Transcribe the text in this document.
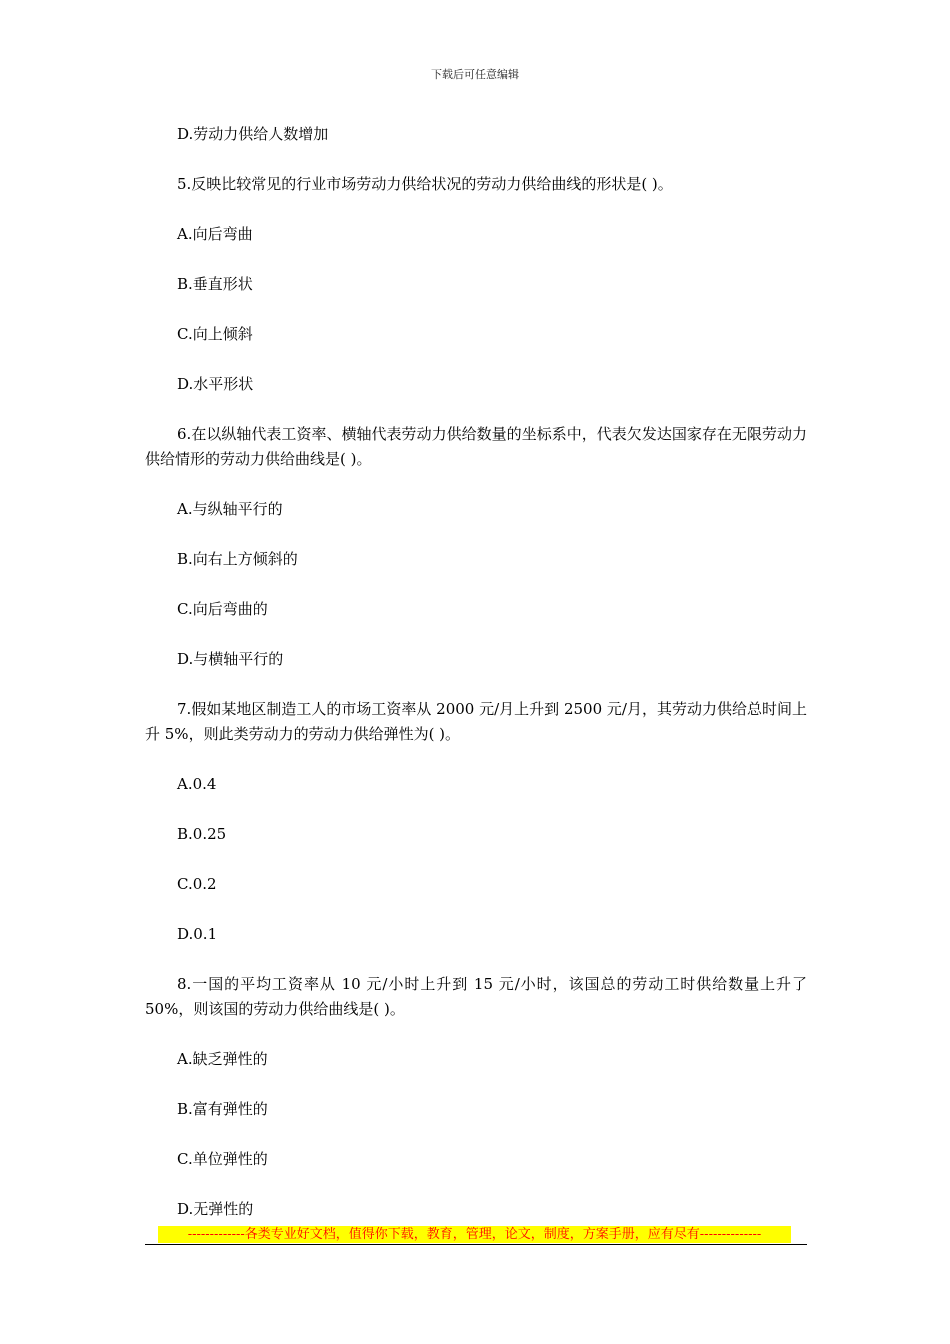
下载后可任意编辑
D.劳动力供给人数增加
5.反映比较常见的行业市场劳动力供给状况的劳动力供给曲线的形状是( )。
A.向后弯曲
B.垂直形状
C.向上倾斜
D.水平形状
6.在以纵轴代表工资率、横轴代表劳动力供给数量的坐标系中，代表欠发达国家存在无限劳动力供给情形的劳动力供给曲线是( )。
A.与纵轴平行的
B.向右上方倾斜的
C.向后弯曲的
D.与横轴平行的
7.假如某地区制造工人的市场工资率从 2000 元/月上升到 2500 元/月，其劳动力供给总时间上升 5%，则此类劳动力的劳动力供给弹性为( )。
A.0.4
B.0.25
C.0.2
D.0.1
8.一国的平均工资率从 10 元/小时上升到 15 元/小时，该国总的劳动工时供给数量上升了 50%，则该国的劳动力供给曲线是( )。
A.缺乏弹性的
B.富有弹性的
C.单位弹性的
D.无弹性的
-------------各类专业好文档，值得你下载，教育，管理，论文，制度，方案手册，应有尽有--------------
